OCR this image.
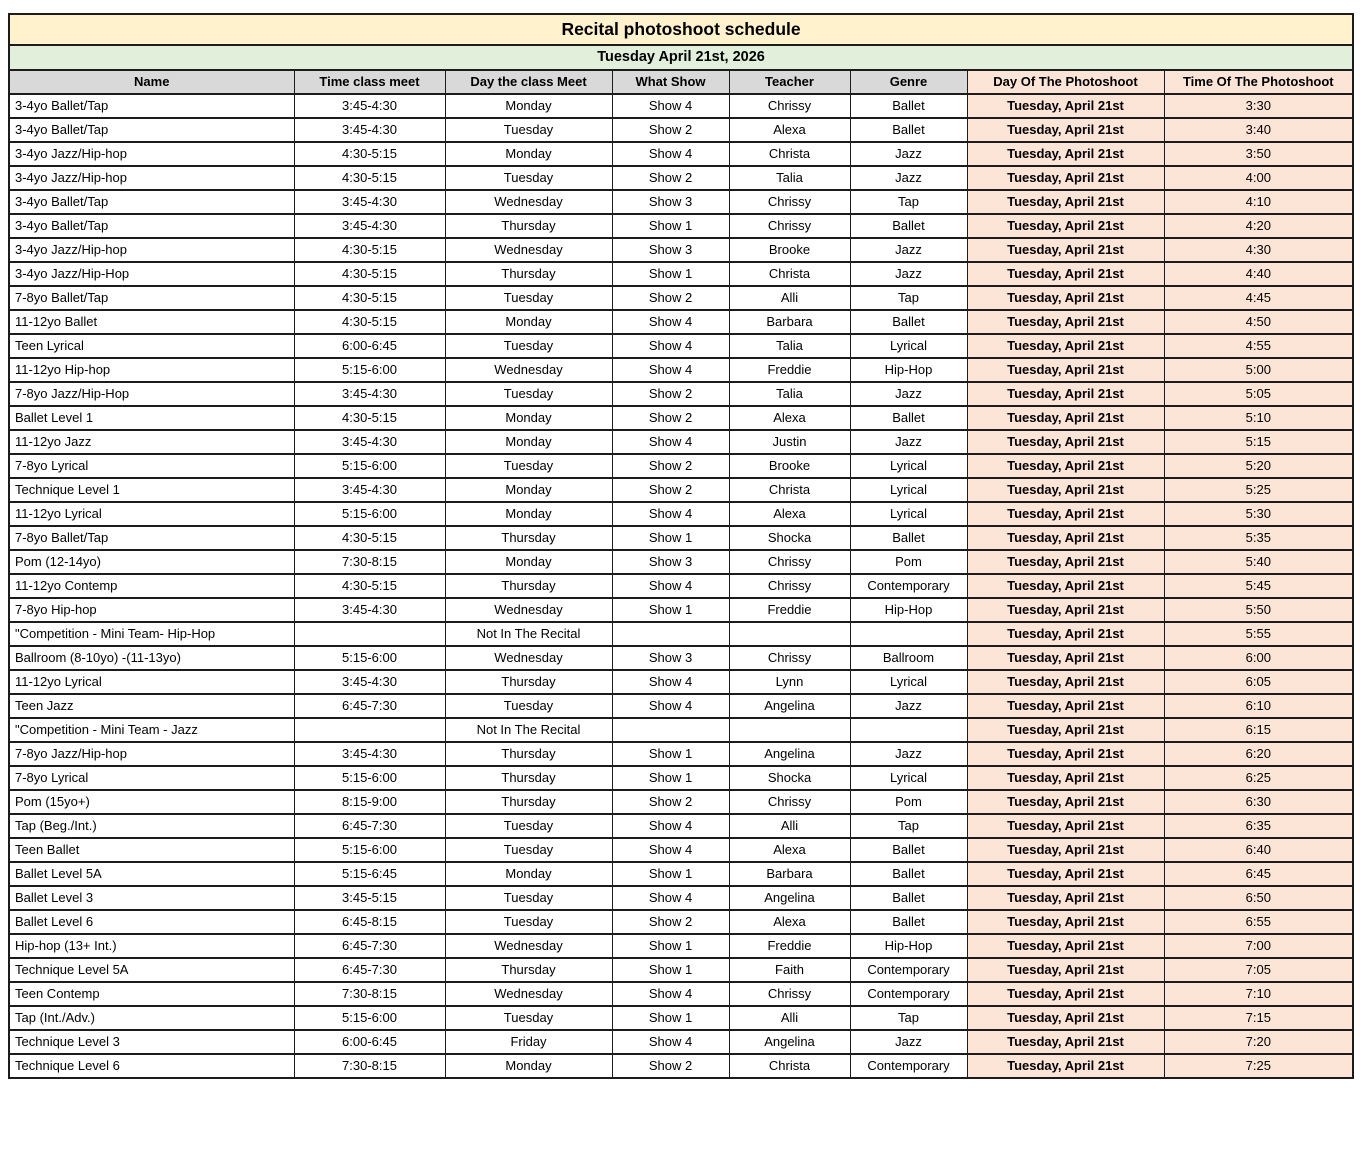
Recital photoshoot schedule							
Tuesday April 21st, 2026							
Name	Time class meet	Day the class Meet	What Show	Teacher	Genre	Day Of The Photoshoot	Time Of The Photoshoot
3-4yo Ballet/Tap	3:45-4:30	Monday	Show 4	Chrissy	Ballet	Tuesday, April 21st	3:30
3-4yo Ballet/Tap	3:45-4:30	Tuesday	Show 2	Alexa	Ballet	Tuesday, April 21st	3:40
3-4yo Jazz/Hip-hop	4:30-5:15	Monday	Show 4	Christa	Jazz	Tuesday, April 21st	3:50
3-4yo Jazz/Hip-hop	4:30-5:15	Tuesday	Show 2	Talia	Jazz	Tuesday, April 21st	4:00
3-4yo Ballet/Tap	3:45-4:30	Wednesday	Show 3	Chrissy	Tap	Tuesday, April 21st	4:10
3-4yo Ballet/Tap	3:45-4:30	Thursday	Show 1	Chrissy	Ballet	Tuesday, April 21st	4:20
3-4yo Jazz/Hip-hop	4:30-5:15	Wednesday	Show 3	Brooke	Jazz	Tuesday, April 21st	4:30
3-4yo Jazz/Hip-Hop	4:30-5:15	Thursday	Show 1	Christa	Jazz	Tuesday, April 21st	4:40
7-8yo Ballet/Tap	4:30-5:15	Tuesday	Show 2	Alli	Tap	Tuesday, April 21st	4:45
11-12yo Ballet	4:30-5:15	Monday	Show 4	Barbara	Ballet	Tuesday, April 21st	4:50
Teen Lyrical	6:00-6:45	Tuesday	Show 4	Talia	Lyrical	Tuesday, April 21st	4:55
11-12yo Hip-hop	5:15-6:00	Wednesday	Show 4	Freddie	Hip-Hop	Tuesday, April 21st	5:00
7-8yo Jazz/Hip-Hop	3:45-4:30	Tuesday	Show 2	Talia	Jazz	Tuesday, April 21st	5:05
Ballet Level 1	4:30-5:15	Monday	Show 2	Alexa	Ballet	Tuesday, April 21st	5:10
11-12yo Jazz	3:45-4:30	Monday	Show 4	Justin	Jazz	Tuesday, April 21st	5:15
7-8yo Lyrical	5:15-6:00	Tuesday	Show 2	Brooke	Lyrical	Tuesday, April 21st	5:20
Technique Level 1	3:45-4:30	Monday	Show 2	Christa	Lyrical	Tuesday, April 21st	5:25
11-12yo Lyrical	5:15-6:00	Monday	Show 4	Alexa	Lyrical	Tuesday, April 21st	5:30
7-8yo Ballet/Tap	4:30-5:15	Thursday	Show 1	Shocka	Ballet	Tuesday, April 21st	5:35
Pom (12-14yo)	7:30-8:15	Monday	Show 3	Chrissy	Pom	Tuesday, April 21st	5:40
11-12yo Contemp	4:30-5:15	Thursday	Show 4	Chrissy	Contemporary	Tuesday, April 21st	5:45
7-8yo Hip-hop	3:45-4:30	Wednesday	Show 1	Freddie	Hip-Hop	Tuesday, April 21st	5:50
"Competition - Mini Team- Hip-Hop		Not In The Recital				Tuesday, April 21st	5:55
Ballroom (8-10yo) -(11-13yo)	5:15-6:00	Wednesday	Show 3	Chrissy	Ballroom	Tuesday, April 21st	6:00
11-12yo Lyrical	3:45-4:30	Thursday	Show 4	Lynn	Lyrical	Tuesday, April 21st	6:05
Teen Jazz	6:45-7:30	Tuesday	Show 4	Angelina	Jazz	Tuesday, April 21st	6:10
"Competition - Mini Team - Jazz		Not In The Recital				Tuesday, April 21st	6:15
7-8yo Jazz/Hip-hop	3:45-4:30	Thursday	Show 1	Angelina	Jazz	Tuesday, April 21st	6:20
7-8yo Lyrical	5:15-6:00	Thursday	Show 1	Shocka	Lyrical	Tuesday, April 21st	6:25
Pom (15yo+)	8:15-9:00	Thursday	Show 2	Chrissy	Pom	Tuesday, April 21st	6:30
Tap (Beg./Int.)	6:45-7:30	Tuesday	Show 4	Alli	Tap	Tuesday, April 21st	6:35
Teen Ballet	5:15-6:00	Tuesday	Show 4	Alexa	Ballet	Tuesday, April 21st	6:40
Ballet Level 5A	5:15-6:45	Monday	Show 1	Barbara	Ballet	Tuesday, April 21st	6:45
Ballet Level 3	3:45-5:15	Tuesday	Show 4	Angelina	Ballet	Tuesday, April 21st	6:50
Ballet Level 6	6:45-8:15	Tuesday	Show 2	Alexa	Ballet	Tuesday, April 21st	6:55
Hip-hop (13+ Int.)	6:45-7:30	Wednesday	Show 1	Freddie	Hip-Hop	Tuesday, April 21st	7:00
Technique Level 5A	6:45-7:30	Thursday	Show 1	Faith	Contemporary	Tuesday, April 21st	7:05
Teen Contemp	7:30-8:15	Wednesday	Show 4	Chrissy	Contemporary	Tuesday, April 21st	7:10
Tap (Int./Adv.)	5:15-6:00	Tuesday	Show 1	Alli	Tap	Tuesday, April 21st	7:15
Technique Level 3	6:00-6:45	Friday	Show 4	Angelina	Jazz	Tuesday, April 21st	7:20
Technique Level 6	7:30-8:15	Monday	Show 2	Christa	Contemporary	Tuesday, April 21st	7:25
